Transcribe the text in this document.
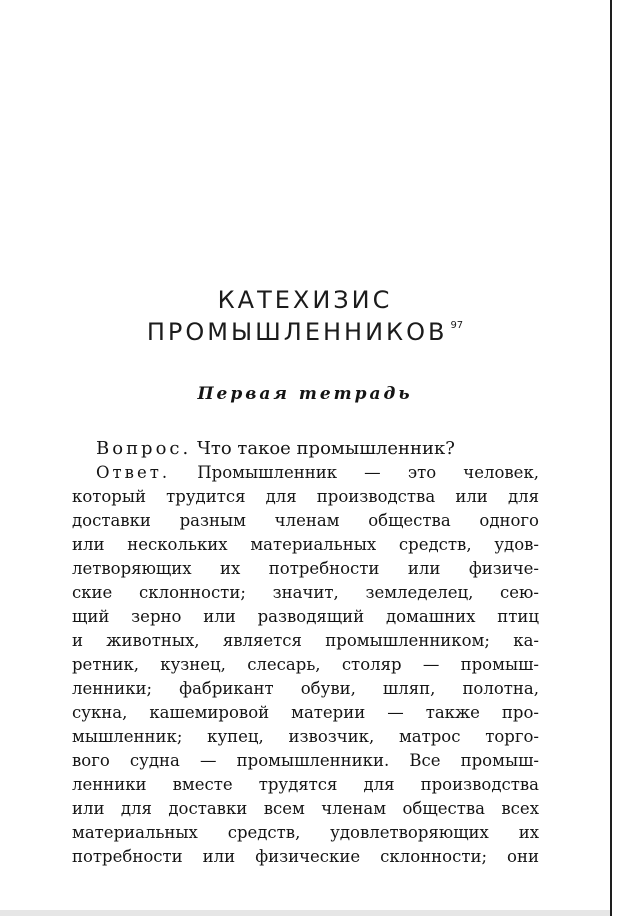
КАТЕХИЗИС
ПРОМЫШЛЕННИКОВ $^{97}$
Первая тетрадь
Вопрос. Что такое промышленник?
Ответ. Промышленник — это человек,
который трудится для производства или для
доставки разным членам общества одного
или нескольких материальных средств, удов-
летворяющих их потребности или физиче-
ские склонности; значит, земледелец, сею-
щий зерно или разводящий домашних птиц
и животных, является промышленником; ка-
ретник, кузнец, слесарь, столяр — промыш-
ленники; фабрикант обуви, шляп, полотна,
сукна, кашемировой материи — также про-
мышленник; купец, извозчик, матрос торго-
вого судна — промышленники. Все промыш-
ленники вместе трудятся для производства
или для доставки всем членам общества всех
материальных средств, удовлетворяющих их
потребности или физические склонности; они
